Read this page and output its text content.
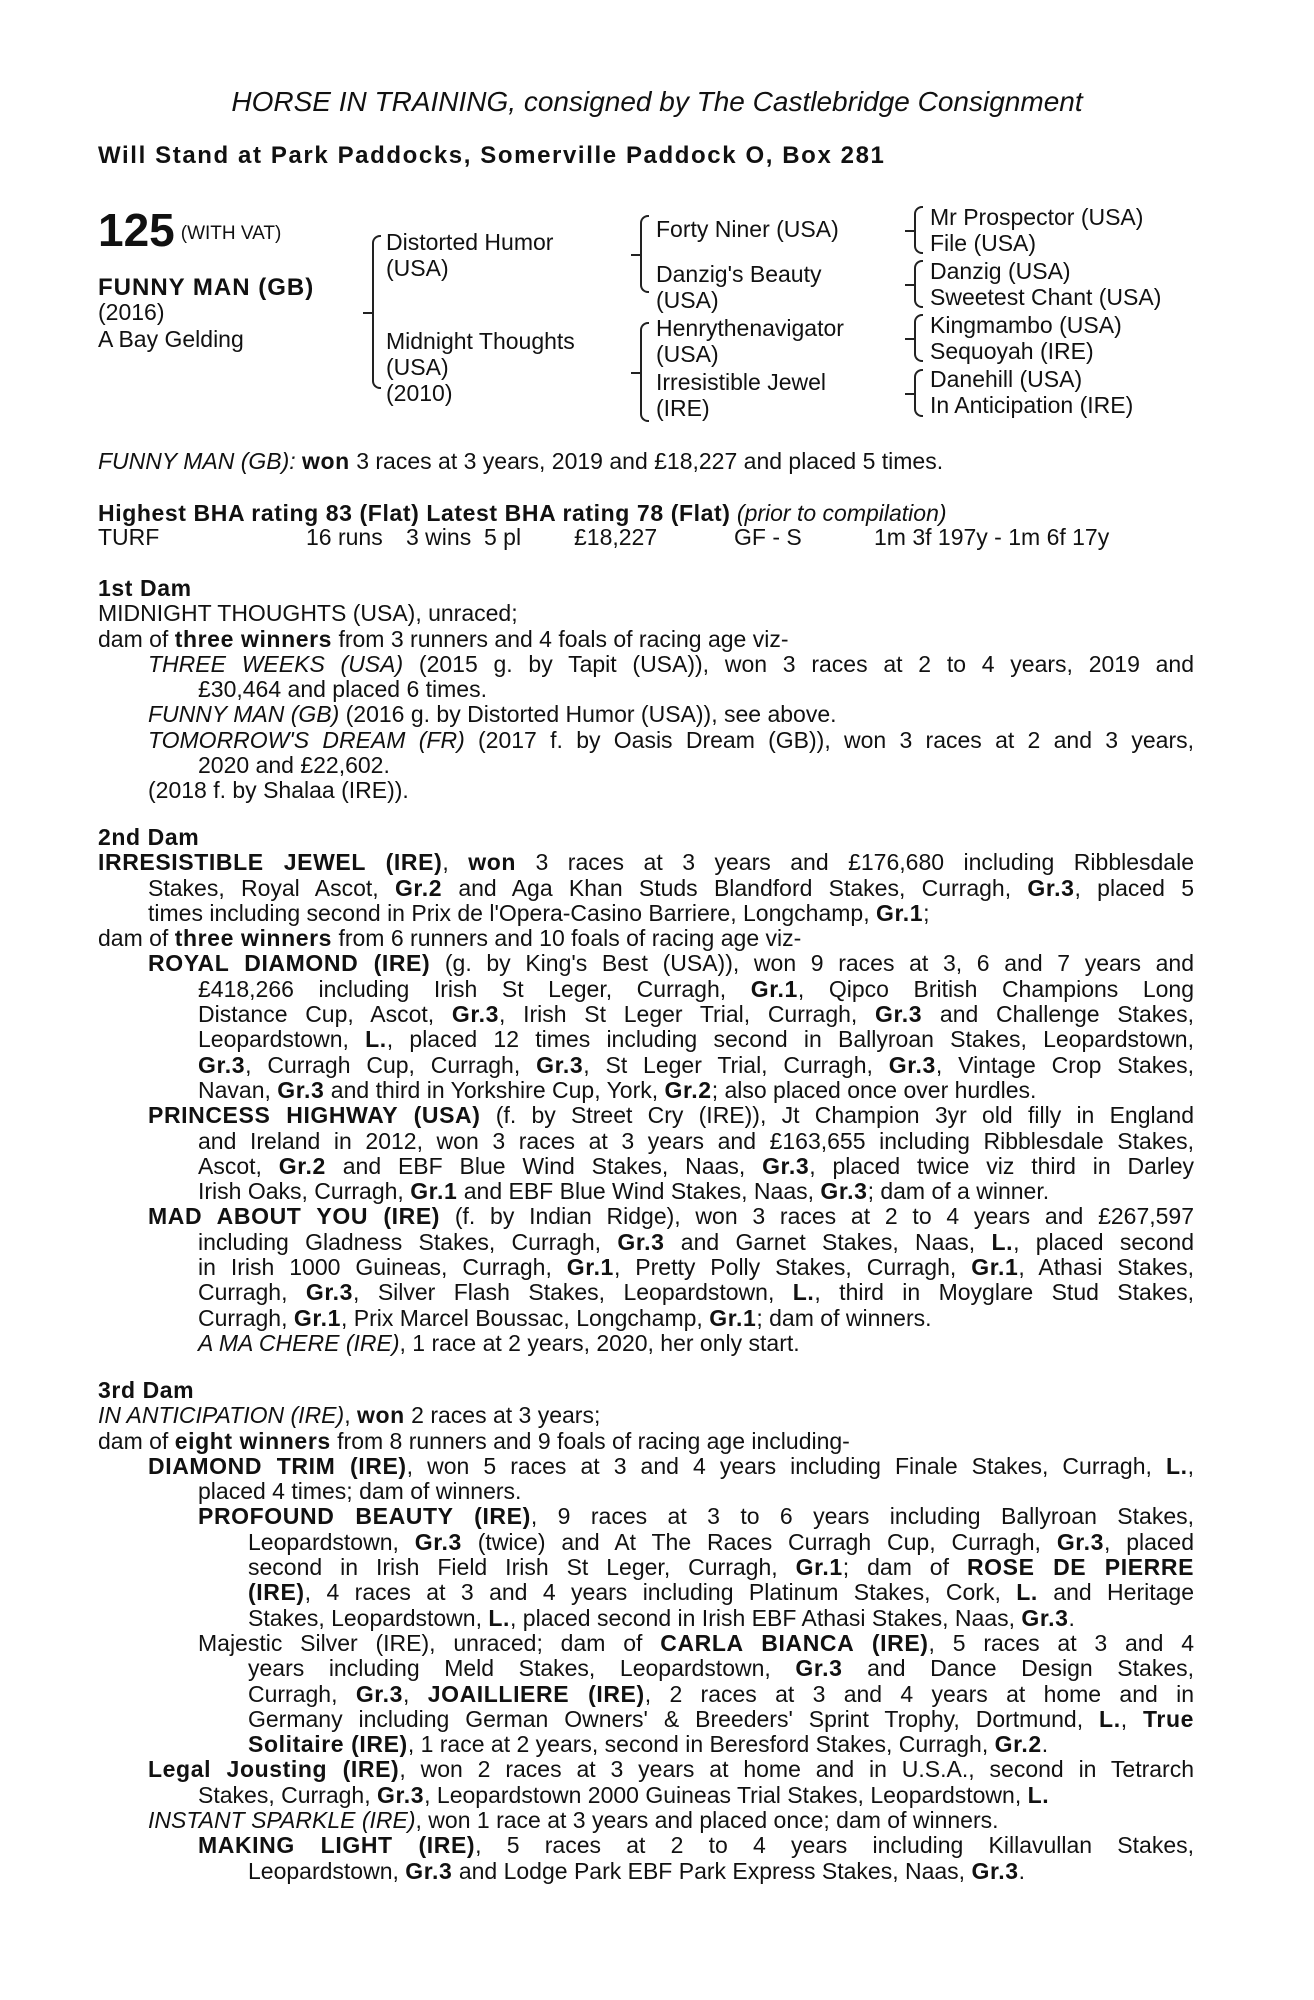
HORSE IN TRAINING, consigned by The Castlebridge Consignment
Will Stand at Park Paddocks, Somerville Paddock O, Box 281
125 (WITH VAT)
FUNNY MAN (GB)
(2016)
A Bay Gelding
Distorted Humor
(USA)
Midnight Thoughts
(USA)
(2010)
Forty Niner (USA)
Danzig's Beauty
(USA)
Henrythenavigator
(USA)
Irresistible Jewel
(IRE)
Mr Prospector (USA)
File (USA)
Danzig (USA)
Sweetest Chant (USA)
Kingmambo (USA)
Sequoyah (IRE)
Danehill (USA)
In Anticipation (IRE)
FUNNY MAN (GB): won 3 races at 3 years, 2019 and £18,227 and placed 5 times.
Highest BHA rating 83 (Flat) Latest BHA rating 78 (Flat) (prior to compilation)
TURF	16 runs 3 wins 5 pl £18,227	GF - S	1m 3f 197y - 1m 6f 17y
1st Dam
MIDNIGHT THOUGHTS (USA), unraced;
dam of three winners from 3 runners and 4 foals of racing age viz-
THREE WEEKS (USA) (2015 g. by Tapit (USA)), won 3 races at 2 to 4 years, 2019 and
£30,464 and placed 6 times.
FUNNY MAN (GB) (2016 g. by Distorted Humor (USA)), see above.
TOMORROW'S DREAM (FR) (2017 f. by Oasis Dream (GB)), won 3 races at 2 and 3 years,
2020 and £22,602.
(2018 f. by Shalaa (IRE)).
2nd Dam
IRRESISTIBLE JEWEL (IRE), won 3 races at 3 years and £176,680 including Ribblesdale
Stakes, Royal Ascot, Gr.2 and Aga Khan Studs Blandford Stakes, Curragh, Gr.3, placed 5
times including second in Prix de l'Opera-Casino Barriere, Longchamp, Gr.1;
dam of three winners from 6 runners and 10 foals of racing age viz-
ROYAL DIAMOND (IRE) (g. by King's Best (USA)), won 9 races at 3, 6 and 7 years and
£418,266 including Irish St Leger, Curragh, Gr.1, Qipco British Champions Long
Distance Cup, Ascot, Gr.3, Irish St Leger Trial, Curragh, Gr.3 and Challenge Stakes,
Leopardstown, L., placed 12 times including second in Ballyroan Stakes, Leopardstown,
Gr.3, Curragh Cup, Curragh, Gr.3, St Leger Trial, Curragh, Gr.3, Vintage Crop Stakes,
Navan, Gr.3 and third in Yorkshire Cup, York, Gr.2; also placed once over hurdles.
PRINCESS HIGHWAY (USA) (f. by Street Cry (IRE)), Jt Champion 3yr old filly in England
and Ireland in 2012, won 3 races at 3 years and £163,655 including Ribblesdale Stakes,
Ascot, Gr.2 and EBF Blue Wind Stakes, Naas, Gr.3, placed twice viz third in Darley
Irish Oaks, Curragh, Gr.1 and EBF Blue Wind Stakes, Naas, Gr.3; dam of a winner.
MAD ABOUT YOU (IRE) (f. by Indian Ridge), won 3 races at 2 to 4 years and £267,597
including Gladness Stakes, Curragh, Gr.3 and Garnet Stakes, Naas, L., placed second
in Irish 1000 Guineas, Curragh, Gr.1, Pretty Polly Stakes, Curragh, Gr.1, Athasi Stakes,
Curragh, Gr.3, Silver Flash Stakes, Leopardstown, L., third in Moyglare Stud Stakes,
Curragh, Gr.1, Prix Marcel Boussac, Longchamp, Gr.1; dam of winners.
A MA CHERE (IRE), 1 race at 2 years, 2020, her only start.
3rd Dam
IN ANTICIPATION (IRE), won 2 races at 3 years;
dam of eight winners from 8 runners and 9 foals of racing age including-
DIAMOND TRIM (IRE), won 5 races at 3 and 4 years including Finale Stakes, Curragh, L.,
placed 4 times; dam of winners.
PROFOUND BEAUTY (IRE), 9 races at 3 to 6 years including Ballyroan Stakes,
Leopardstown, Gr.3 (twice) and At The Races Curragh Cup, Curragh, Gr.3, placed
second in Irish Field Irish St Leger, Curragh, Gr.1; dam of ROSE DE PIERRE
(IRE), 4 races at 3 and 4 years including Platinum Stakes, Cork, L. and Heritage
Stakes, Leopardstown, L., placed second in Irish EBF Athasi Stakes, Naas, Gr.3.
Majestic Silver (IRE), unraced; dam of CARLA BIANCA (IRE), 5 races at 3 and 4
years including Meld Stakes, Leopardstown, Gr.3 and Dance Design Stakes,
Curragh, Gr.3, JOAILLIERE (IRE), 2 races at 3 and 4 years at home and in
Germany including German Owners' & Breeders' Sprint Trophy, Dortmund, L., True
Solitaire (IRE), 1 race at 2 years, second in Beresford Stakes, Curragh, Gr.2.
Legal Jousting (IRE), won 2 races at 3 years at home and in U.S.A., second in Tetrarch
Stakes, Curragh, Gr.3, Leopardstown 2000 Guineas Trial Stakes, Leopardstown, L.
INSTANT SPARKLE (IRE), won 1 race at 3 years and placed once; dam of winners.
MAKING LIGHT (IRE), 5 races at 2 to 4 years including Killavullan Stakes,
Leopardstown, Gr.3 and Lodge Park EBF Park Express Stakes, Naas, Gr.3.
